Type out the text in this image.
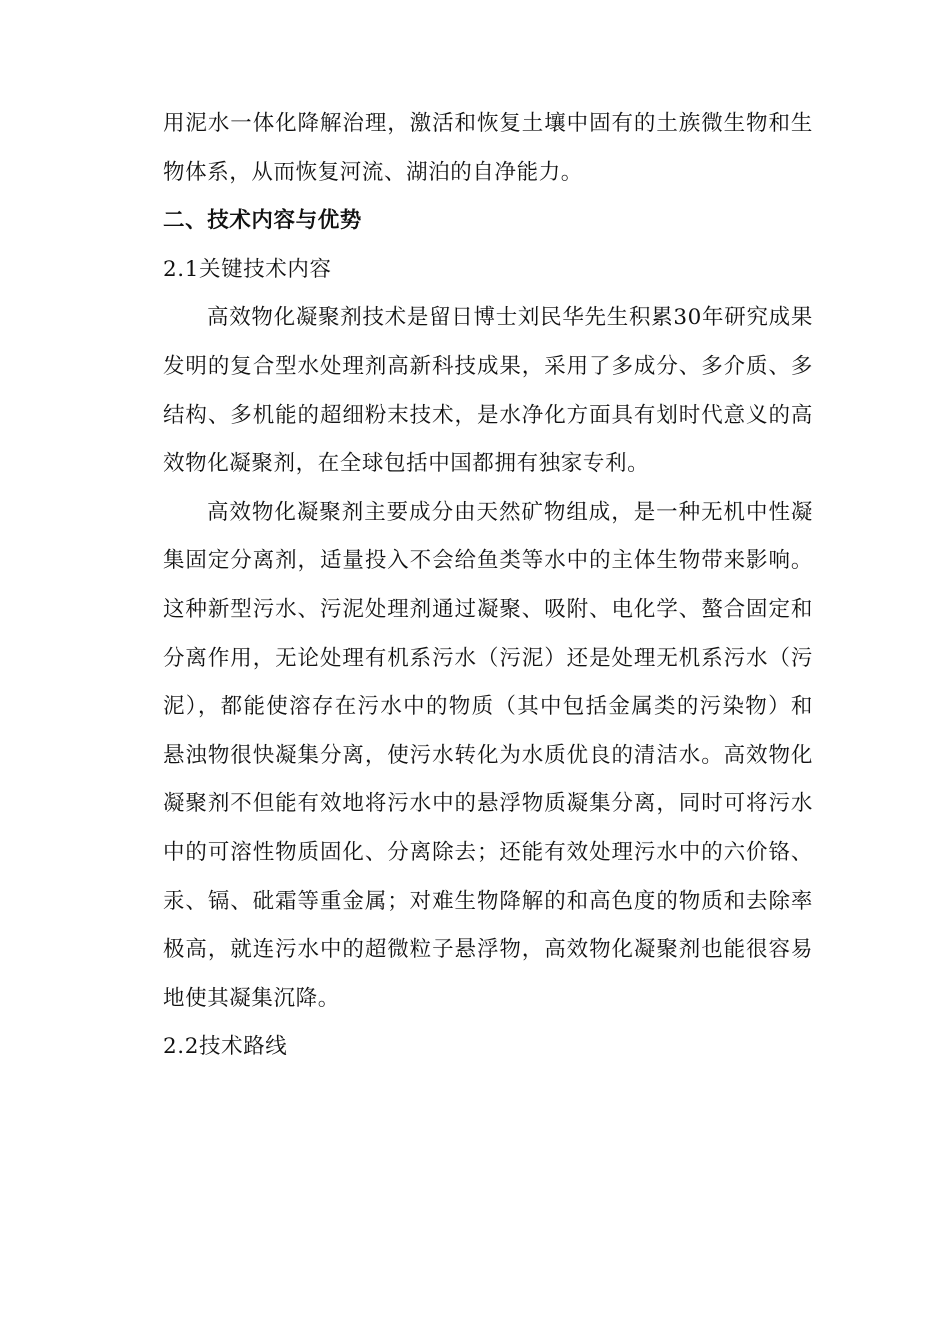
用泥水一体化降解治理，激活和恢复土壤中固有的土族微生物和生物体系，从而恢复河流、湖泊的自净能力。

二、技术内容与优势

2.1关键技术内容

高效物化凝聚剂技术是留日博士刘民华先生积累30年研究成果发明的复合型水处理剂高新科技成果，采用了多成分、多介质、多结构、多机能的超细粉末技术，是水净化方面具有划时代意义的高效物化凝聚剂，在全球包括中国都拥有独家专利。

高效物化凝聚剂主要成分由天然矿物组成，是一种无机中性凝集固定分离剂，适量投入不会给鱼类等水中的主体生物带来影响。这种新型污水、污泥处理剂通过凝聚、吸附、电化学、螯合固定和分离作用，无论处理有机系污水（污泥）还是处理无机系污水（污泥），都能使溶存在污水中的物质（其中包括金属类的污染物）和悬浊物很快凝集分离，使污水转化为水质优良的清洁水。高效物化凝聚剂不但能有效地将污水中的悬浮物质凝集分离，同时可将污水中的可溶性物质固化、分离除去；还能有效处理污水中的六价铬、汞、镉、砒霜等重金属；对难生物降解的和高色度的物质和去除率极高，就连污水中的超微粒子悬浮物，高效物化凝聚剂也能很容易地使其凝集沉降。

2.2技术路线
